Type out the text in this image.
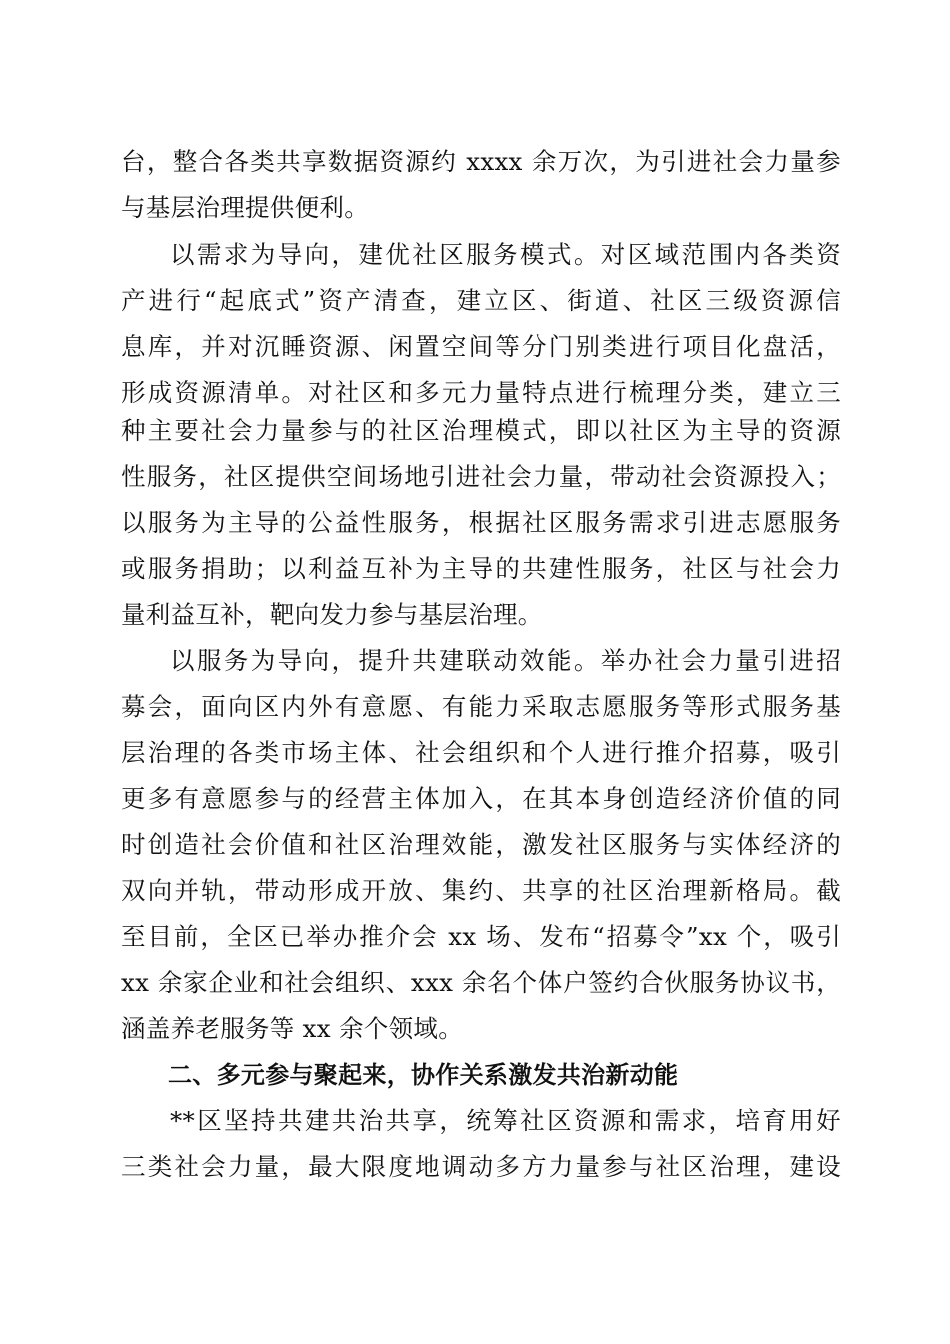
台，整合各类共享数据资源约 xxxx 余万次，为引进社会力量参
与基层治理提供便利。
以需求为导向，建优社区服务模式。对区域范围内各类资
产进行“起底式”资产清查，建立区、街道、社区三级资源信
息库，并对沉睡资源、闲置空间等分门别类进行项目化盘活，
形成资源清单。对社区和多元力量特点进行梳理分类，建立三
种主要社会力量参与的社区治理模式，即以社区为主导的资源
性服务，社区提供空间场地引进社会力量，带动社会资源投入；
以服务为主导的公益性服务，根据社区服务需求引进志愿服务
或服务捐助；以利益互补为主导的共建性服务，社区与社会力
量利益互补，靶向发力参与基层治理。
以服务为导向，提升共建联动效能。举办社会力量引进招
募会，面向区内外有意愿、有能力采取志愿服务等形式服务基
层治理的各类市场主体、社会组织和个人进行推介招募，吸引
更多有意愿参与的经营主体加入，在其本身创造经济价值的同
时创造社会价值和社区治理效能，激发社区服务与实体经济的
双向并轨，带动形成开放、集约、共享的社区治理新格局。截
至目前，全区已举办推介会 xx 场、发布“招募令”xx 个，吸引
xx 余家企业和社会组织、xxx 余名个体户签约合伙服务协议书，
涵盖养老服务等 xx 余个领域。
二、多元参与聚起来，协作关系激发共治新动能
**区坚持共建共治共享，统筹社区资源和需求，培育用好
三类社会力量，最大限度地调动多方力量参与社区治理，建设
